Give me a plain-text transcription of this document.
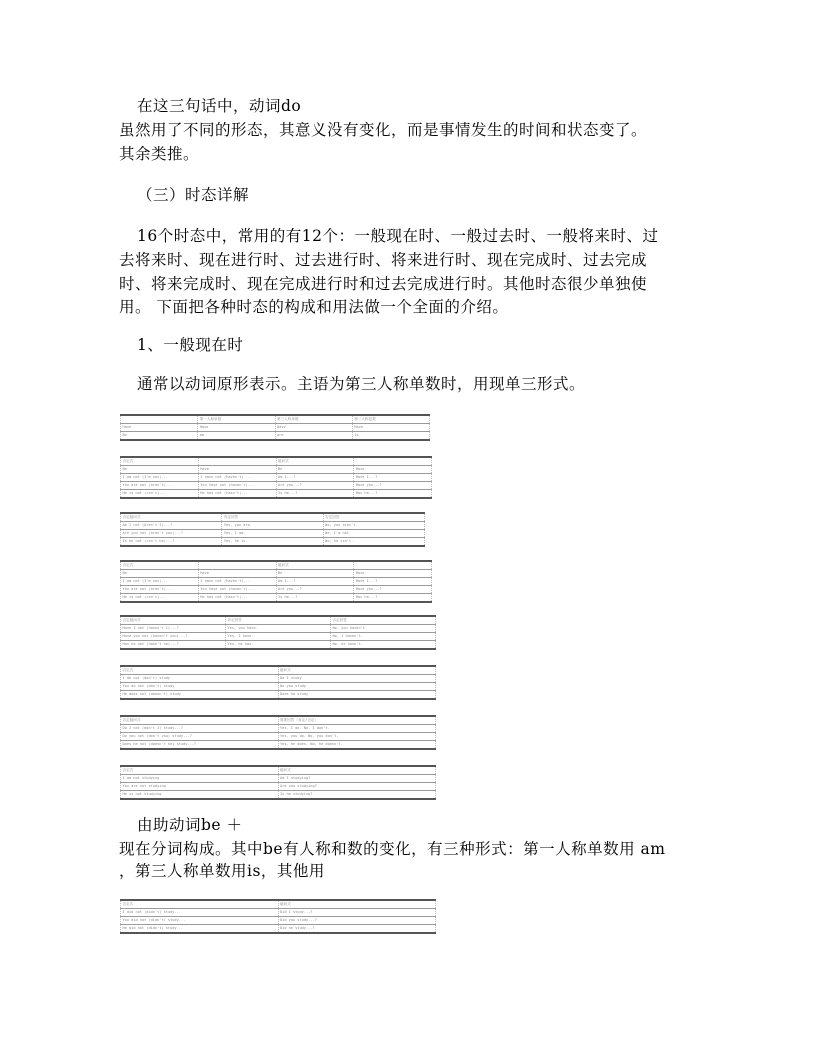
在这三句话中，动词do
虽然用了不同的形态，其意义没有变化，而是事情发生的时间和状态变了。
其余类推。
（三）时态详解
16个时态中，常用的有12个：一般现在时、一般过去时、一般将来时、过
去将来时、现在进行时、过去进行时、将来进行时、现在完成时、过去完成
时、将来完成时、现在完成进行时和过去完成进行时。其他时态很少单独使
用。 下面把各种时态的构成和用法做一个全面的介绍。
1、一般现在时
通常以动词原形表示。主语为第三人称单数时，用现单三形式。
	第一人称单数	第三人称单数	第三人称复数
Have	Have	Have	Have
Be	am	are	is
否定式		疑问式	
Be	Have	Be	Have
I am not (I'm not)...	I have not (haven't) ...	Am I...?	Have I...?
You are not (aren't)...	You have not (haven't)...	Are you...?	Have you...?
He is not (isn't)...	He has not (hasn't)...	Is he...?	Has he...?
否定疑问式	肯定回答	否定回答
Am I not (Aren't I)...?	Yes, you are.	No, you aren't.
Are you not (aren't you)...?	Yes, I am.	No, I'm not.
Is he not (isn't he)...?	Yes, he is.	No, he isn't.
否定式		疑问式	
Be	Have	Be	Have
I am not (I'm not)...	I have not (haven't)...	Am I...?	Have I...?
You are not (aren't)...	You have not (haven't)...	Are you...?	Have you...?
He is not (isn't)...	He has not (hasn't)...	Is he...?	Has he...?
否定疑问式	肯定回答	否定回答
Have I not (haven't I)...?	Yes, you have.	No, you haven't.
Have you not (haven't you)...?	Yes, I have.	No, I haven't.
Has he not (hasn't he)...?	Yes, he has.	No, he hasn't.
否定式	疑问式
I do not (don't) study	Do I study
You do not (don't) study	Do you study
He does not (doesn't) study	Does he study
否定疑问式	简要回答（肯定/否定）
Do I not (don't I) study...?	Yes, I do. No, I don't.
Do you not (don't you) study...?	Yes, you do. No, you don't.
Does he not (doesn't he) study...?	Yes, he does. No, he doesn't.
否定式	疑问式
I am not studying	Am I studying?
You are not studying	Are you studying?
He is not studying	Is he studying?
由助动词be ＋
现在分词构成。其中be有人称和数的变化，有三种形式：第一人称单数用 am
，第三人称单数用is，其他用
否定式	疑问式
I did not (didn't) study...	Did I study...?
You did not (didn't) study...	Did you study...?
He did not (didn't) study...	Did he study...?
